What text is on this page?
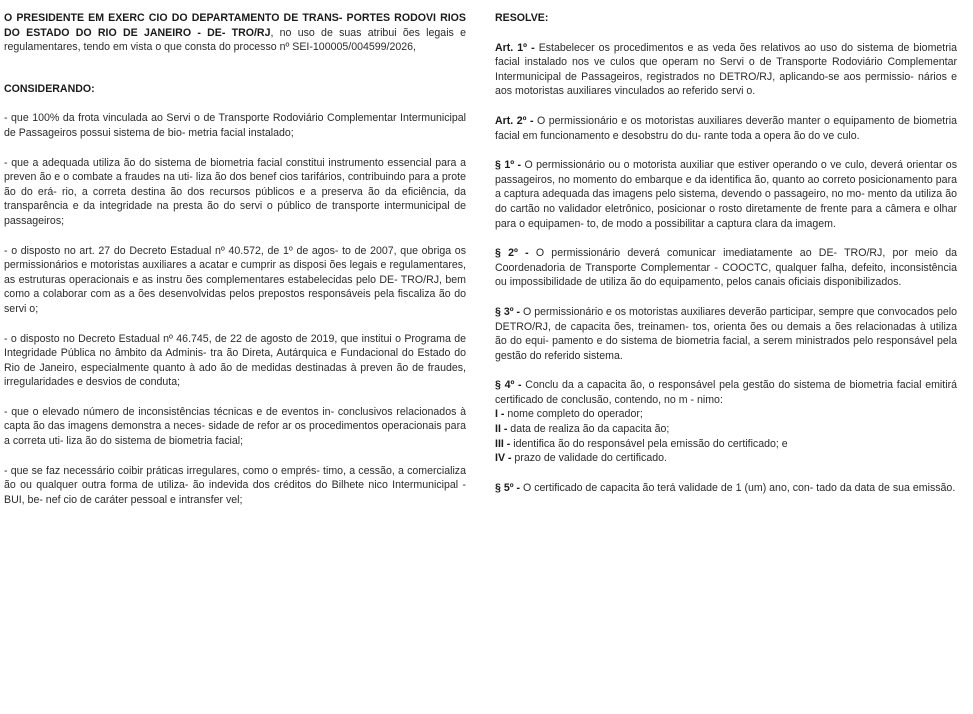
O PRESIDENTE EM EXERC CIO DO DEPARTAMENTO DE TRANS- PORTES RODOVI RIOS DO ESTADO DO RIO DE JANEIRO - DE- TRO/RJ, no uso de suas atribui ões legais e regulamentares, tendo em vista o que consta do processo nº SEI-100005/004599/2026,

CONSIDERANDO:

- que 100% da frota vinculada ao Servi o de Transporte Rodoviário Complementar Intermunicipal de Passageiros possui sistema de bio- metria facial instalado;

- que a adequada utiliza ão do sistema de biometria facial constitui instrumento essencial para a preven ão e o combate a fraudes na uti- liza ão dos benef cios tarifários, contribuindo para a prote ão do erá- rio, a correta destina ão dos recursos públicos e a preserva ão da eficiência, da transparência e da integridade na presta ão do servi o público de transporte intermunicipal de passageiros;

- o disposto no art. 27 do Decreto Estadual nº 40.572, de 1º de agos- to de 2007, que obriga os permissionários e motoristas auxiliares a acatar e cumprir as disposi ões legais e regulamentares, as estruturas operacionais e as instru ões complementares estabelecidas pelo DE- TRO/RJ, bem como a colaborar com as a ões desenvolvidas pelos prepostos responsáveis pela fiscaliza ão do servi o;

- o disposto no Decreto Estadual nº 46.745, de 22 de agosto de 2019, que institui o Programa de Integridade Pública no âmbito da Adminis- tra ão Direta, Autárquica e Fundacional do Estado do Rio de Janeiro, especialmente quanto à ado ão de medidas destinadas à preven ão de fraudes, irregularidades e desvios de conduta;

- que o elevado número de inconsistências técnicas e de eventos in- conclusivos relacionados à capta ão das imagens demonstra a neces- sidade de refor ar os procedimentos operacionais para a correta uti- liza ão do sistema de biometria facial;

- que se faz necessário coibir práticas irregulares, como o emprés- timo, a cessão, a comercializa ão ou qualquer outra forma de utiliza- ão indevida dos créditos do Bilhete nico Intermunicipal - BUI, be- nef cio de caráter pessoal e intransfer vel;

RESOLVE:

Art. 1º - Estabelecer os procedimentos e as veda ões relativos ao uso do sistema de biometria facial instalado nos ve culos que operam no Servi o de Transporte Rodoviário Complementar Intermunicipal de Passageiros, registrados no DETRO/RJ, aplicando-se aos permissio- nários e aos motoristas auxiliares vinculados ao referido servi o.

Art. 2º - O permissionário e os motoristas auxiliares deverão manter o equipamento de biometria facial em funcionamento e desobstru do du- rante toda a opera ão do ve culo.

§ 1º - O permissionário ou o motorista auxiliar que estiver operando o ve culo, deverá orientar os passageiros, no momento do embarque e da identifica ão, quanto ao correto posicionamento para a captura adequada das imagens pelo sistema, devendo o passageiro, no mo- mento da utiliza ão do cartão no validador eletrônico, posicionar o rosto diretamente de frente para a câmera e olhar para o equipamen- to, de modo a possibilitar a captura clara da imagem.

§ 2º - O permissionário deverá comunicar imediatamente ao DE- TRO/RJ, por meio da Coordenadoria de Transporte Complementar - COOCTC, qualquer falha, defeito, inconsistência ou impossibilidade de utiliza ão do equipamento, pelos canais oficiais disponibilizados.

§ 3º - O permissionário e os motoristas auxiliares deverão participar, sempre que convocados pelo DETRO/RJ, de capacita ões, treinamen- tos, orienta ões ou demais a ões relacionadas à utiliza ão do equi- pamento e do sistema de biometria facial, a serem ministrados pelo responsável pela gestão do referido sistema.

§ 4º - Conclu da a capacita ão, o responsável pela gestão do sistema de biometria facial emitirá certificado de conclusão, contendo, no m - nimo:

I - nome completo do operador;

II - data de realiza ão da capacita ão;

III - identifica ão do responsável pela emissão do certificado; e

IV - prazo de validade do certificado.

§ 5º - O certificado de capacita ão terá validade de 1 (um) ano, con- tado da data de sua emissão.
